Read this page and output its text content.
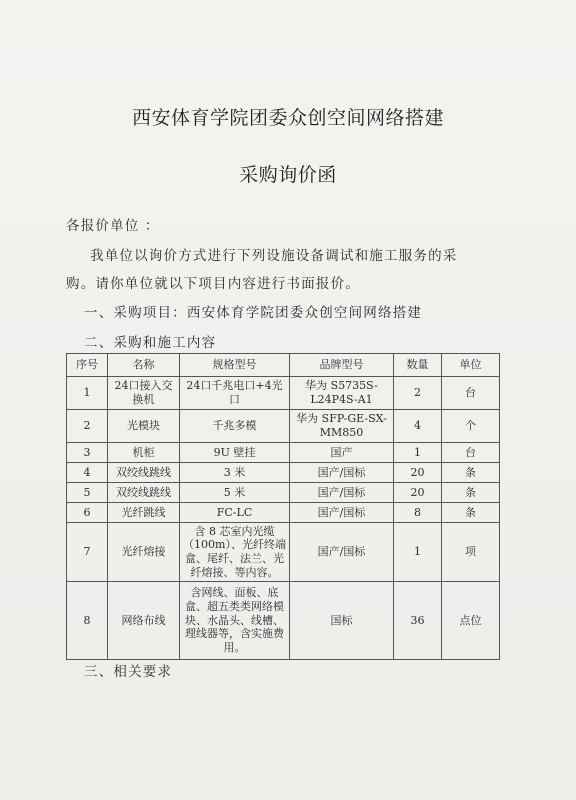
西安体育学院团委众创空间网络搭建
采购询价函
各报价单位 ：
我单位以询价方式进行下列设施设备调试和施工服务的采
购。请你单位就以下项目内容进行书面报价。
一、采购项目：西安体育学院团委众创空间网络搭建
二、采购和施工内容
序号	名称	规格型号	品牌型号	数量	单位
1	24口接入交换机	24口千兆电口+4光口	华为 S5735S-L24P4S-A1	2	台
2	光模块	千兆多模	华为 SFP-GE-SX-MM850	4	个
3	机柜	9U 壁挂	国产	1	台
4	双绞线跳线	3 米	国产/国标	20	条
5	双绞线跳线	5 米	国产/国标	20	条
6	光纤跳线	FC-LC	国产/国标	8	条
7	光纤熔接	含 8 芯室内光缆（100m）、光纤终端盒、尾纤、法兰、光纤熔接、等内容。	国产/国标	1	项
8	网络布线	含网线、面板、底盒、超五类类网络模块、水晶头、线槽、理线器等，含实施费用。	国标	36	点位
三、相关要求
